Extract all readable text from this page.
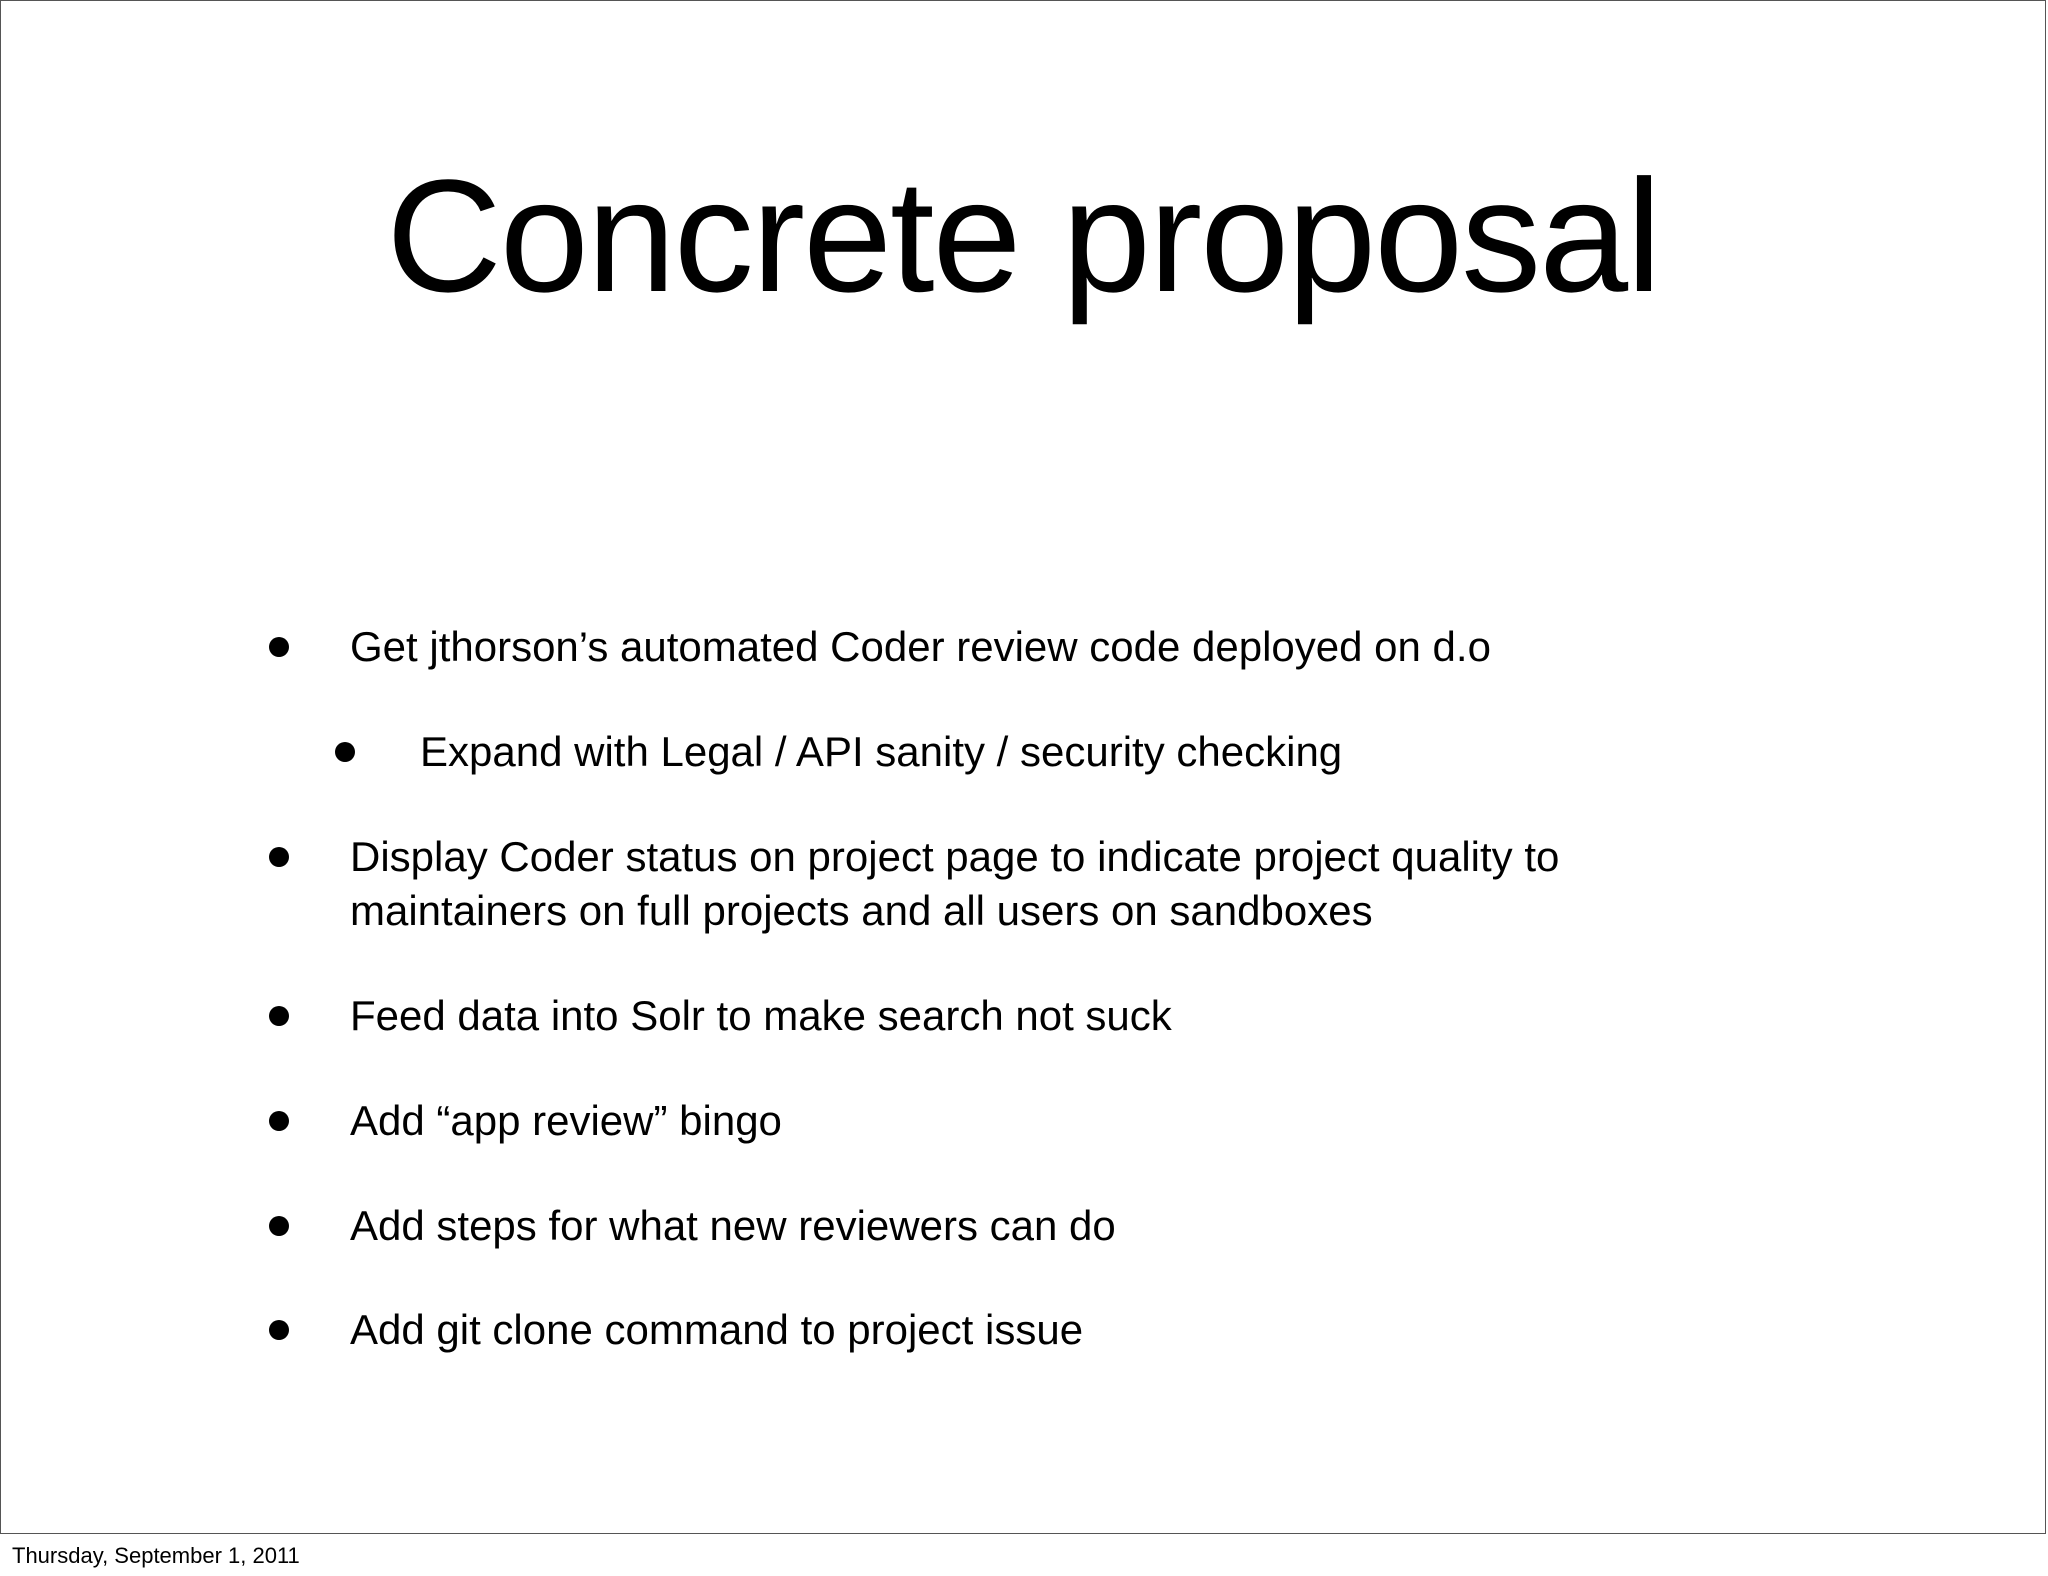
Concrete proposal
Get jthorson’s automated Coder review code deployed on d.o
Expand with Legal / API sanity / security checking
Display Coder status on project page to indicate project quality to
maintainers on full projects and all users on sandboxes
Feed data into Solr to make search not suck
Add “app review” bingo
Add steps for what new reviewers can do
Add git clone command to project issue
Thursday, September 1, 2011
